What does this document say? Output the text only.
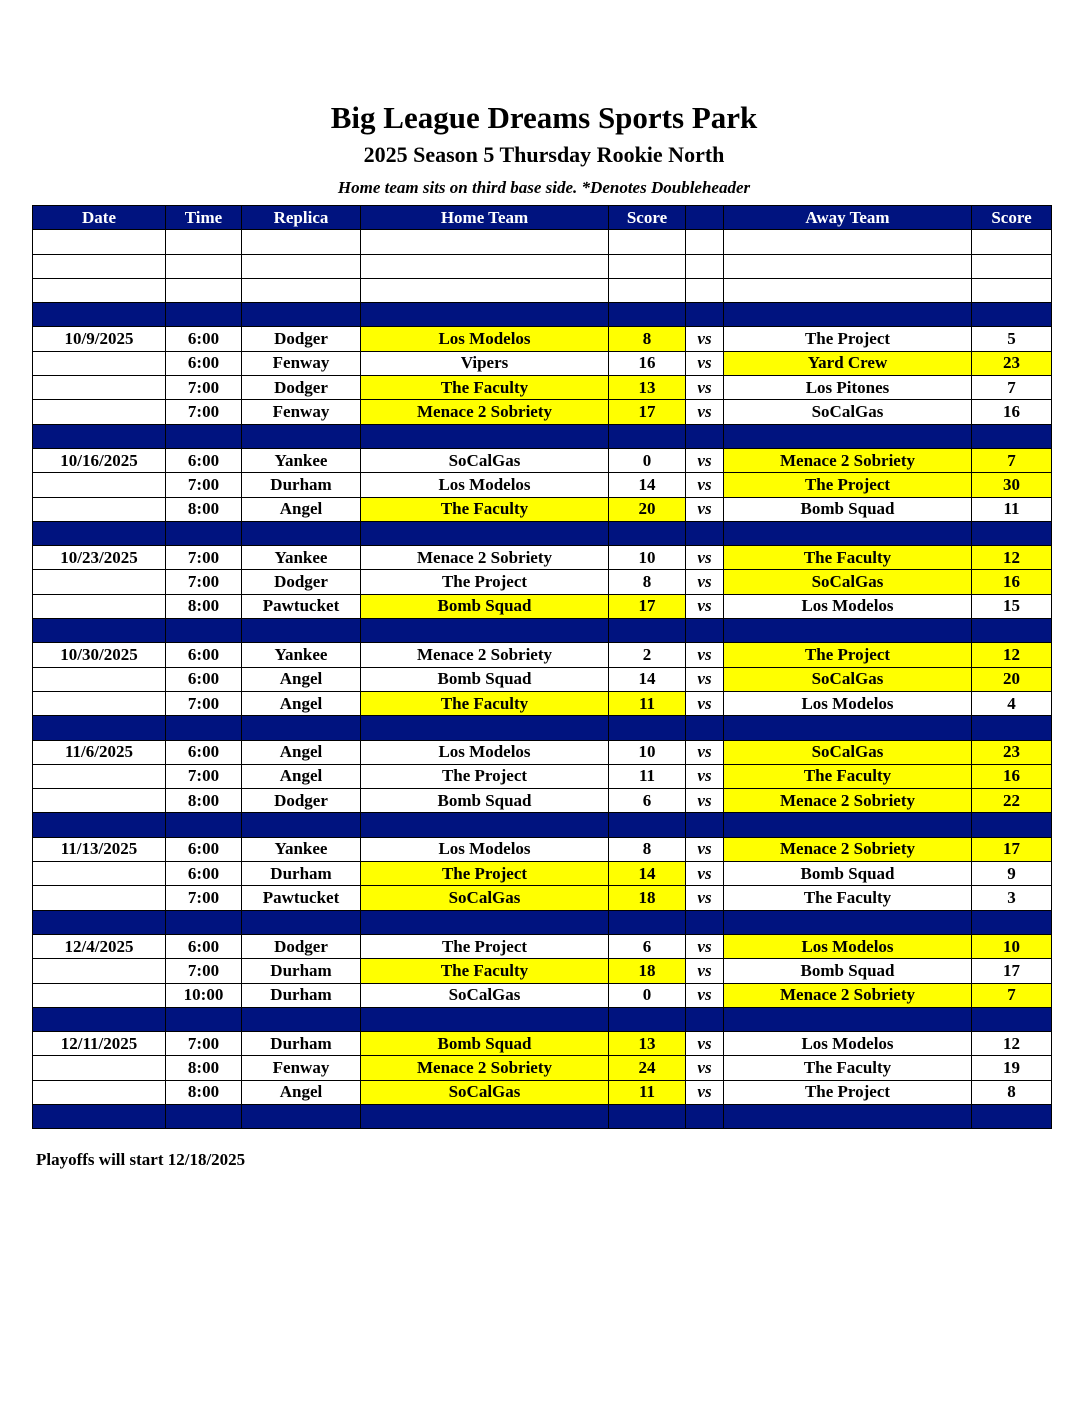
Big League Dreams Sports Park
2025 Season 5 Thursday Rookie North
Home team sits on third base side. *Denotes Doubleheader
Date	Time	Replica	Home Team	Score		Away Team	Score

10/9/2025	6:00	Dodger	Los Modelos	8	vs	The Project	5
	6:00	Fenway	Vipers	16	vs	Yard Crew	23
	7:00	Dodger	The Faculty	13	vs	Los Pitones	7
	7:00	Fenway	Menace 2 Sobriety	17	vs	SoCalGas	16

10/16/2025	6:00	Yankee	SoCalGas	0	vs	Menace 2 Sobriety	7
	7:00	Durham	Los Modelos	14	vs	The Project	30
	8:00	Angel	The Faculty	20	vs	Bomb Squad	11

10/23/2025	7:00	Yankee	Menace 2 Sobriety	10	vs	The Faculty	12
	7:00	Dodger	The Project	8	vs	SoCalGas	16
	8:00	Pawtucket	Bomb Squad	17	vs	Los Modelos	15

10/30/2025	6:00	Yankee	Menace 2 Sobriety	2	vs	The Project	12
	6:00	Angel	Bomb Squad	14	vs	SoCalGas	20
	7:00	Angel	The Faculty	11	vs	Los Modelos	4

11/6/2025	6:00	Angel	Los Modelos	10	vs	SoCalGas	23
	7:00	Angel	The Project	11	vs	The Faculty	16
	8:00	Dodger	Bomb Squad	6	vs	Menace 2 Sobriety	22

11/13/2025	6:00	Yankee	Los Modelos	8	vs	Menace 2 Sobriety	17
	6:00	Durham	The Project	14	vs	Bomb Squad	9
	7:00	Pawtucket	SoCalGas	18	vs	The Faculty	3

12/4/2025	6:00	Dodger	The Project	6	vs	Los Modelos	10
	7:00	Durham	The Faculty	18	vs	Bomb Squad	17
	10:00	Durham	SoCalGas	0	vs	Menace 2 Sobriety	7

12/11/2025	7:00	Durham	Bomb Squad	13	vs	Los Modelos	12
	8:00	Fenway	Menace 2 Sobriety	24	vs	The Faculty	19
	8:00	Angel	SoCalGas	11	vs	The Project	8

Playoffs will start 12/18/2025
